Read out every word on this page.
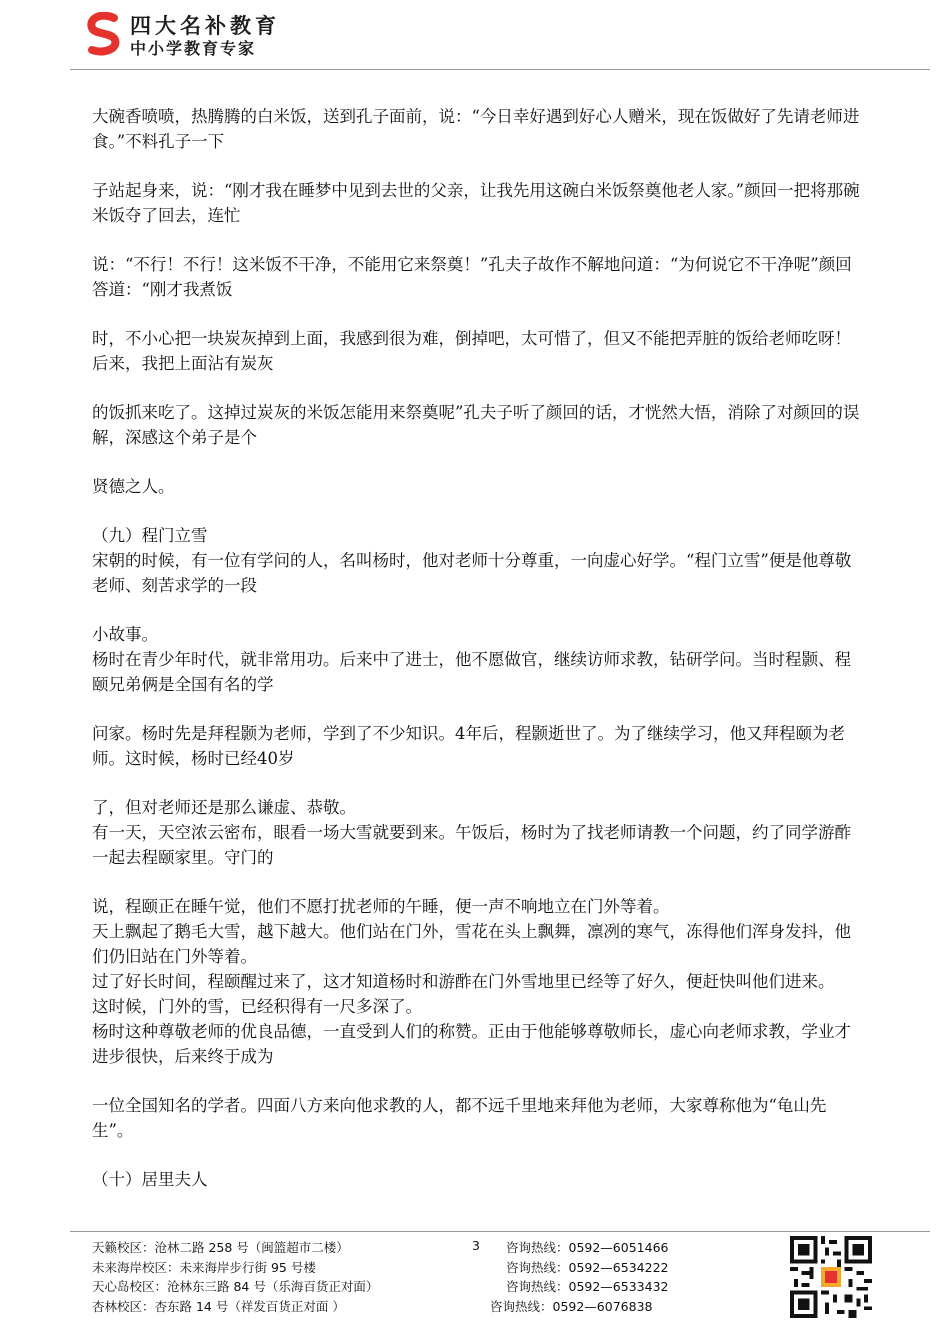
四大名补教育
中小学教育专家

大碗香喷喷，热腾腾的白米饭，送到孔子面前，说：“今日幸好遇到好心人赠米，现在饭做好了先请老师进食。”不料孔子一下

子站起身来，说：“刚才我在睡梦中见到去世的父亲，让我先用这碗白米饭祭奠他老人家。”颜回一把将那碗米饭夺了回去，连忙

说：“不行！不行！这米饭不干净，不能用它来祭奠！”孔夫子故作不解地问道：“为何说它不干净呢”颜回答道：“刚才我煮饭

时，不小心把一块炭灰掉到上面，我感到很为难，倒掉吧，太可惜了，但又不能把弄脏的饭给老师吃呀！后来，我把上面沾有炭灰

的饭抓来吃了。这掉过炭灰的米饭怎能用来祭奠呢”孔夫子听了颜回的话，才恍然大悟，消除了对颜回的误解，深感这个弟子是个

贤德之人。

（九）程门立雪

宋朝的时候，有一位有学问的人，名叫杨时，他对老师十分尊重，一向虚心好学。“程门立雪”便是他尊敬老师、刻苦求学的一段

小故事。

杨时在青少年时代，就非常用功。后来中了进士，他不愿做官，继续访师求教，钻研学问。当时程颢、程颐兄弟俩是全国有名的学

问家。杨时先是拜程颢为老师，学到了不少知识。4年后，程颢逝世了。为了继续学习，他又拜程颐为老师。这时候，杨时已经40岁

了，但对老师还是那么谦虚、恭敬。

有一天，天空浓云密布，眼看一场大雪就要到来。午饭后，杨时为了找老师请教一个问题，约了同学游酢一起去程颐家里。守门的

说，程颐正在睡午觉，他们不愿打扰老师的午睡，便一声不响地立在门外等着。

天上飘起了鹅毛大雪，越下越大。他们站在门外，雪花在头上飘舞，凛冽的寒气，冻得他们浑身发抖，他们仍旧站在门外等着。

过了好长时间，程颐醒过来了，这才知道杨时和游酢在门外雪地里已经等了好久，便赶快叫他们进来。

这时候，门外的雪，已经积得有一尺多深了。

杨时这种尊敬老师的优良品德，一直受到人们的称赞。正由于他能够尊敬师长，虚心向老师求教，学业才进步很快，后来终于成为

一位全国知名的学者。四面八方来向他求教的人，都不远千里地来拜他为老师，大家尊称他为“龟山先生”。

（十）居里夫人

天籁校区：沧林二路 258 号（闽篮超市二楼）	3 咨询热线：0592—6051466
未来海岸校区：未来海岸步行街 95 号楼	咨询热线：0592—6534222
天心岛校区：沧林东三路 84 号（乐海百货正对面）	咨询热线：0592—6533432
杏林校区：杏东路 14 号（祥发百货正对面 ）	咨询热线：0592—6076838
